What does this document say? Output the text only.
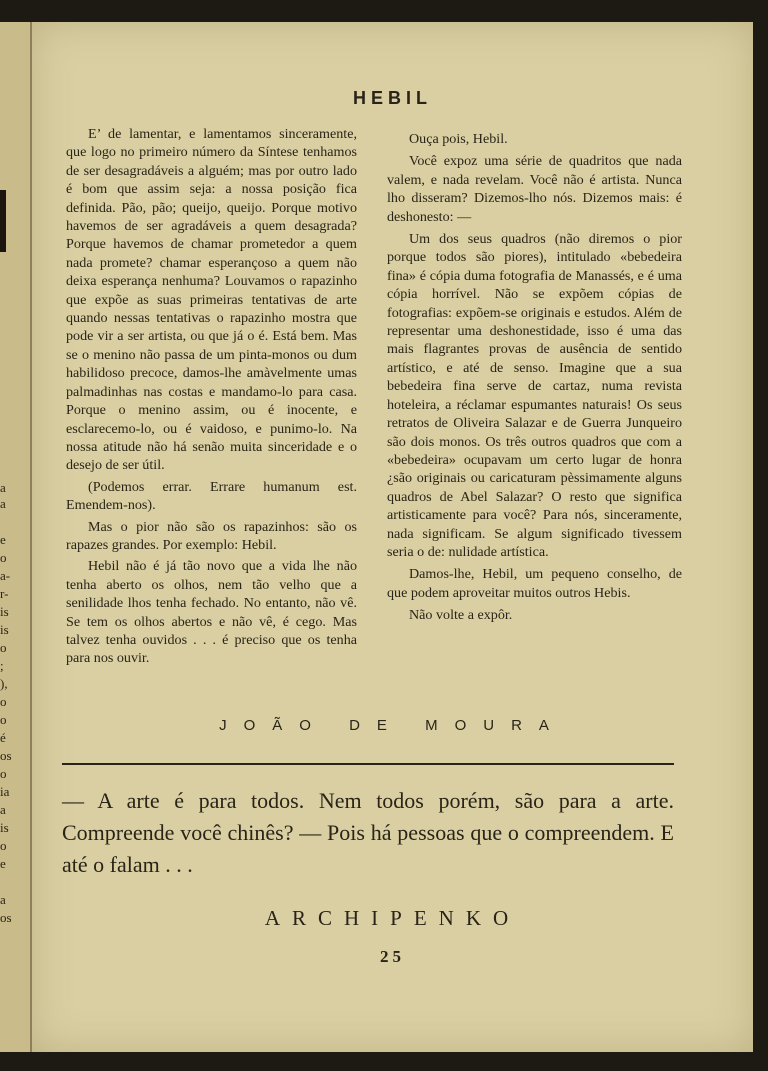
a
a
e
o
a-
r-
is
is
o
;
),
o
o
é
os
o
ia
a
is
o
e
a
os
HEBIL

E’ de lamentar, e lamentamos sinceramente, que logo no primeiro número da Síntese tenhamos de ser desagradáveis a alguém; mas por outro lado é bom que assim seja: a nossa posição fica definida. Pão, pão; queijo, queijo. Porque motivo havemos de ser agradáveis a quem desagrada? Porque havemos de chamar prometedor a quem nada promete? chamar esperançoso a quem não deixa esperança nenhuma? Louvamos o rapazinho que expõe as suas primeiras tentativas de arte quando nessas tentativas o rapazinho mostra que pode vir a ser artista, ou que já o é. Está bem. Mas se o menino não passa de um pinta-monos ou dum habilidoso precoce, damos-lhe amàvelmente umas palmadinhas nas costas e mandamo-lo para casa. Porque o menino assim, ou é inocente, e esclarecemo-lo, ou é vaidoso, e punimo-lo. Na nossa atitude não há senão muita sinceridade e o desejo de ser útil.

(Podemos errar. Errare humanum est. Emendem-nos).

Mas o pior não são os rapazinhos: são os rapazes grandes. Por exemplo: Hebil.

Hebil não é já tão novo que a vida lhe não tenha aberto os olhos, nem tão velho que a senilidade lhos tenha fechado. No entanto, não vê. Se tem os olhos abertos e não vê, é cego. Mas talvez tenha ouvidos . . . é preciso que os tenha para nos ouvir.

Ouça pois, Hebil.

Você expoz uma série de quadritos que nada valem, e nada revelam. Você não é artista. Nunca lho disseram? Dizemos-lho nós. Dizemos mais: é deshonesto: —

Um dos seus quadros (não diremos o pior porque todos são piores), intitulado «bebedeira fina» é cópia duma fotografia de Manassés, e é uma cópia horrível. Não se expõem cópias de fotografias: expõem-se originais e estudos. Além de representar uma deshonestidade, isso é uma das mais flagrantes provas de ausência de sentido artístico, e até de senso. Imagine que a sua bebedeira fina serve de cartaz, numa revista hoteleira, a réclamar espumantes naturais! Os seus retratos de Oliveira Salazar e de Guerra Junqueiro são dois monos. Os três outros quadros que com a «bebedeira» ocupavam um certo lugar de honra ¿são originais ou caricaturam pèssimamente alguns quadros de Abel Salazar? O resto que significa artisticamente para você? Para nós, sinceramente, nada significam. Se algum significado tivessem seria o de: nulidade artística.

Damos-lhe, Hebil, um pequeno conselho, de que podem aproveitar muitos outros Hebis.

Não volte a expôr.

JOÃO DE MOURA
— A arte é para todos. Nem todos porém, são para a arte. Compreende você chinês? — Pois há pessoas que o compreendem. E até o falam . . .
ARCHIPENKO
25
